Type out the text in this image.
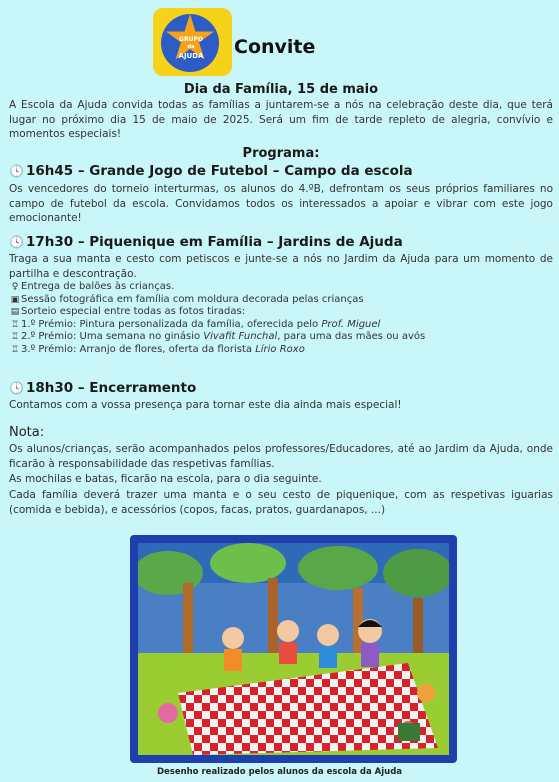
GRUPO
da
AJUDA	Convite
Dia da Família, 15 de maio
A Escola da Ajuda convida todas as famílias a juntarem-se a nós na celebração deste dia, que terá lugar no próximo dia 15 de maio de 2025. Será um fim de tarde repleto de alegria, convívio e momentos especiais!
Programa:
🕓 16h45 – Grande Jogo de Futebol – Campo da escola
Os vencedores do torneio interturmas, os alunos do 4.ºB, defrontam os seus próprios familiares no campo de futebol da escola. Convidamos todos os interessados a apoiar e vibrar com este jogo emocionante!
🕓 17h30 – Piquenique em Família – Jardins de Ajuda
Traga a sua manta e cesto com petiscos e junte-se a nós no Jardim da Ajuda para um momento de partilha e descontração.
♀ Entrega de balões às crianças.
▣ Sessão fotográfica em família com moldura decorada pelas crianças
▤ Sorteio especial entre todas as fotos tiradas:
♖ 1.º Prémio: Pintura personalizada da família, oferecida pelo Prof. Miguel
♖ 2.º Prémio: Uma semana no ginásio Vivafit Funchal, para uma das mães ou avós
♖ 3.º Prémio: Arranjo de flores, oferta da florista Lírio Roxo
🕓 18h30 – Encerramento
Contamos com a vossa presença para tornar este dia ainda mais especial!
Nota:
Os alunos/crianças, serão acompanhados pelos professores/Educadores, até ao Jardim da Ajuda, onde ficarão à responsabilidade das respetivas famílias.
As mochilas e batas, ficarão na escola, para o dia seguinte.
Cada família deverá trazer uma manta e o seu cesto de piquenique, com as respetivas iguarias (comida e bebida), e acessórios (copos, facas, pratos, guardanapos, ...)
Desenho realizado pelos alunos da escola da Ajuda
